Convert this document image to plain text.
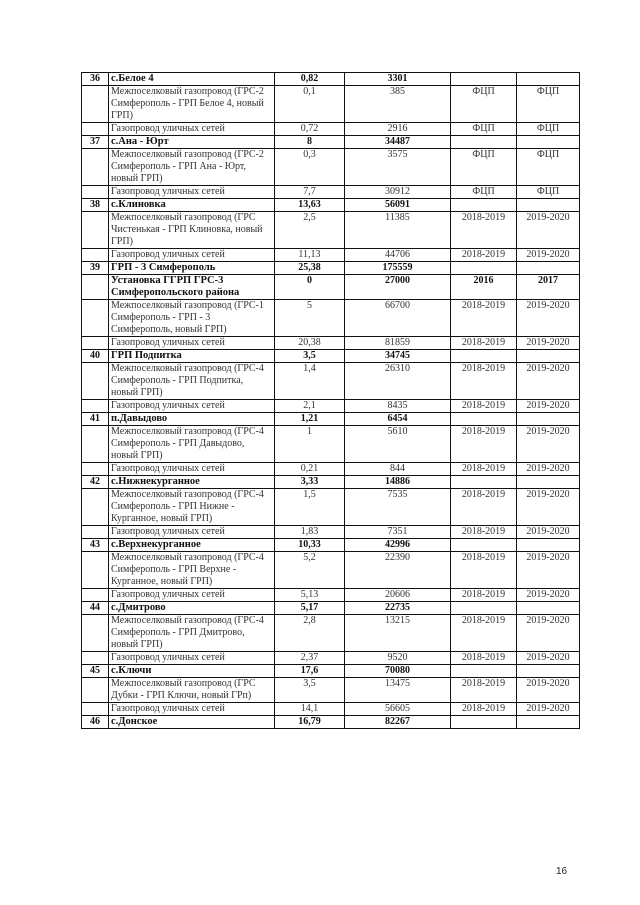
36	с.Белое 4	0,82	3301		
	Межпоселковый газопровод (ГРС-2 Симферополь - ГРП Белое 4, новый ГРП)	0,1	385	ФЦП	ФЦП
	Газопровод уличных сетей	0,72	2916	ФЦП	ФЦП
37	с.Ана - Юрт	8	34487		
	Межпоселковый газопровод (ГРС-2 Симферополь - ГРП Ана - Юрт, новый ГРП)	0,3	3575	ФЦП	ФЦП
	Газопровод уличных сетей	7,7	30912	ФЦП	ФЦП
38	с.Клиновка	13,63	56091		
	Межпоселковый газопровод (ГРС Чистенькая - ГРП Клиновка, новый ГРП)	2,5	11385	2018-2019	2019-2020
	Газопровод уличных сетей	11,13	44706	2018-2019	2019-2020
39	ГРП - 3 Симферополь	25,38	175559		
	Установка ГГРП ГРС-3 Симферопольского района	0	27000	2016	2017
	Межпоселковый газопровод (ГРС-1 Симферополь - ГРП - 3 Симферополь, новый ГРП)	5	66700	2018-2019	2019-2020
	Газопровод уличных сетей	20,38	81859	2018-2019	2019-2020
40	ГРП Подпитка	3,5	34745		
	Межпоселковый газопровод (ГРС-4 Симферополь - ГРП Подпитка, новый ГРП)	1,4	26310	2018-2019	2019-2020
	Газопровод уличных сетей	2,1	8435	2018-2019	2019-2020
41	п.Давыдово	1,21	6454		
	Межпоселковый газопровод (ГРС-4 Симферополь - ГРП Давыдово, новый ГРП)	1	5610	2018-2019	2019-2020
	Газопровод уличных сетей	0,21	844	2018-2019	2019-2020
42	с.Нижнекурганное	3,33	14886		
	Межпоселковый газопровод (ГРС-4 Симферополь - ГРП Нижне - Курганное, новый ГРП)	1,5	7535	2018-2019	2019-2020
	Газопровод уличных сетей	1,83	7351	2018-2019	2019-2020
43	с.Верхнекурганное	10,33	42996		
	Межпоселковый газопровод (ГРС-4 Симферополь - ГРП Верхне - Курганное, новый ГРП)	5,2	22390	2018-2019	2019-2020
	Газопровод уличных сетей	5,13	20606	2018-2019	2019-2020
44	с.Дмитрово	5,17	22735		
	Межпоселковый газопровод (ГРС-4 Симферополь - ГРП Дмитрово, новый ГРП)	2,8	13215	2018-2019	2019-2020
	Газопровод уличных сетей	2,37	9520	2018-2019	2019-2020
45	с.Ключи	17,6	70080		
	Межпоселковый газопровод (ГРС Дубки - ГРП Ключи, новый ГРп)	3,5	13475	2018-2019	2019-2020
	Газопровод уличных сетей	14,1	56605	2018-2019	2019-2020
46	с.Донское	16,79	82267		
16
